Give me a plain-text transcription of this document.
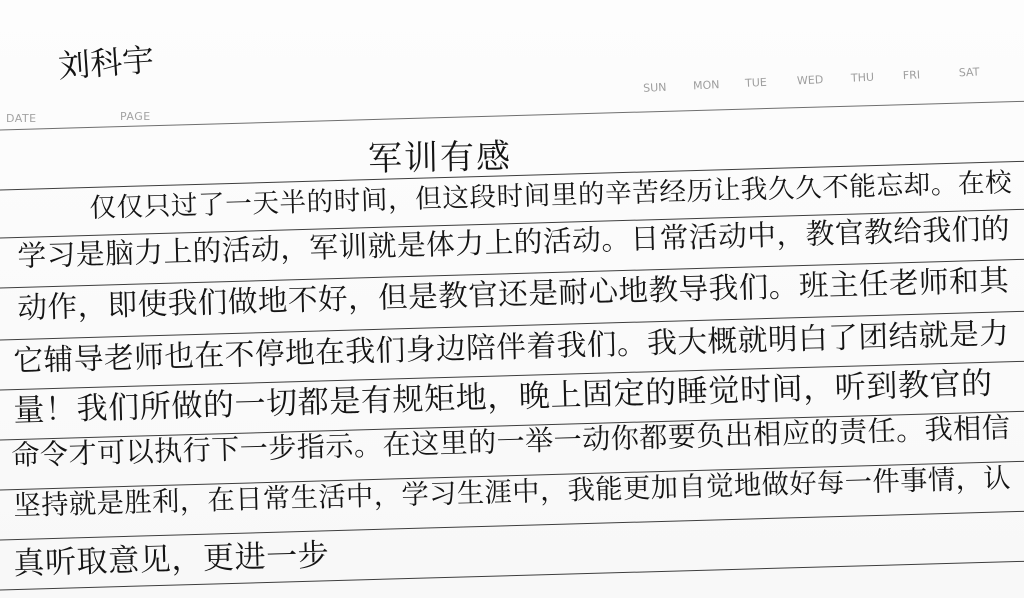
DATE	PAGE
SUN MON TUE	WED THU	FRI	SAT
刘科宇
军训有感
仅仅只过了一天半的时间，但这段时间里的辛苦经历让我久久不能忘却。在校
学习是脑力上的活动，军训就是体力上的活动。日常活动中，教官教给我们的
动作，即使我们做地不好，但是教官还是耐心地教导我们。班主任老师和其
它辅导老师也在不停地在我们身边陪伴着我们。我大概就明白了团结就是力
量！我们所做的一切都是有规矩地，晚上固定的睡觉时间，听到教官的
命令才可以执行下一步指示。在这里的一举一动你都要负出相应的责任。我相信
坚持就是胜利，在日常生活中，学习生涯中，我能更加自觉地做好每一件事情，认
真听取意见，更进一步
